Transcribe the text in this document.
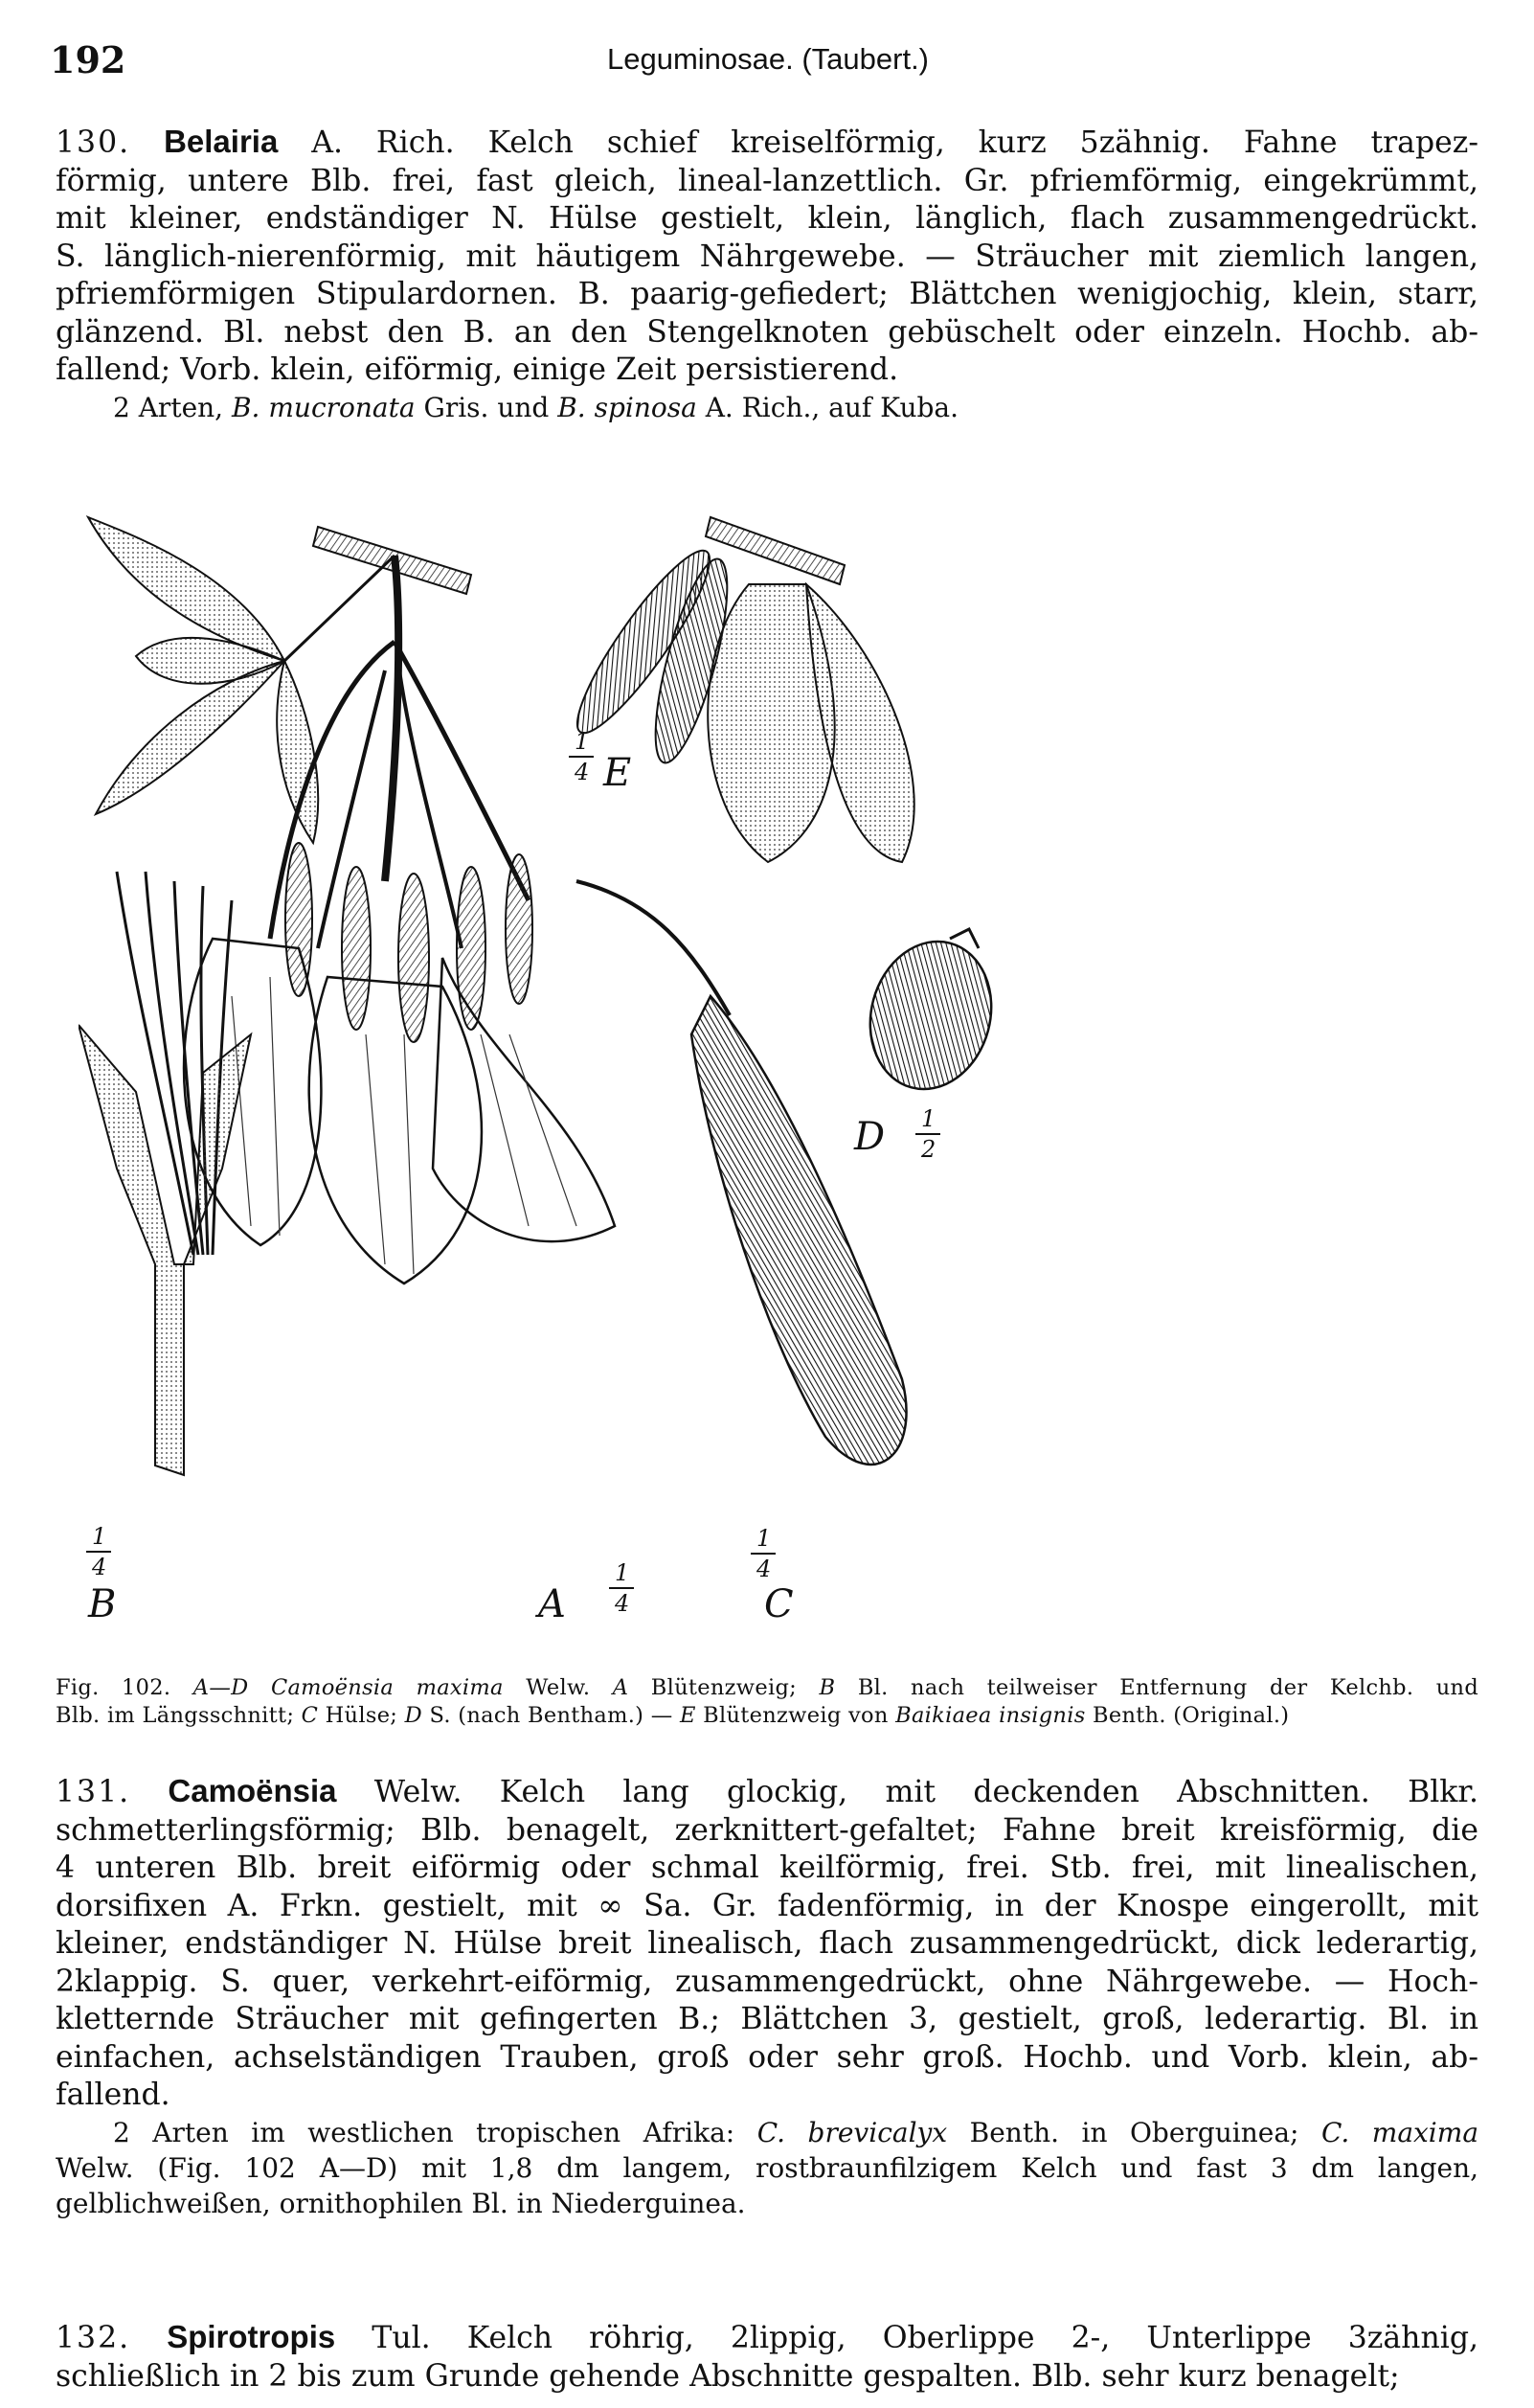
192	Leguminosae. (Taubert.)
130. Belairia A. Rich. Kelch schief kreiselförmig, kurz 5zähnig. Fahne trapez-
förmig, untere Blb. frei, fast gleich, lineal-lanzettlich. Gr. pfriemförmig, eingekrümmt,
mit kleiner, endständiger N. Hülse gestielt, klein, länglich, flach zusammengedrückt.
S. länglich-nierenförmig, mit häutigem Nährgewebe. — Sträucher mit ziemlich langen,
pfriemförmigen Stipulardornen. B. paarig-gefiedert; Blättchen wenigjochig, klein, starr,
glänzend. Bl. nebst den B. an den Stengelknoten gebüschelt oder einzeln. Hochb. ab-
fallend; Vorb. klein, eiförmig, einige Zeit persistierend.
2 Arten, B. mucronata Gris. und B. spinosa A. Rich., auf Kuba.
B	A	C
D
E
1
4	1
4
1
4
1
2
1
4
Fig. 102. A—D Camoënsia maxima Welw. A Blütenzweig; B Bl. nach teilweiser Entfernung der Kelchb. und
Blb. im Längsschnitt; C Hülse; D S. (nach Bentham.) — E Blütenzweig von Baikiaea insignis Benth. (Original.)
131. Camoënsia Welw. Kelch lang glockig, mit deckenden Abschnitten. Blkr.
schmetterlingsförmig; Blb. benagelt, zerknittert-gefaltet; Fahne breit kreisförmig, die
4 unteren Blb. breit eiförmig oder schmal keilförmig, frei. Stb. frei, mit linealischen,
dorsifixen A. Frkn. gestielt, mit ∞ Sa. Gr. fadenförmig, in der Knospe eingerollt, mit
kleiner, endständiger N. Hülse breit linealisch, flach zusammengedrückt, dick lederartig,
2klappig. S. quer, verkehrt-eiförmig, zusammengedrückt, ohne Nährgewebe. — Hoch-
kletternde Sträucher mit gefingerten B.; Blättchen 3, gestielt, groß, lederartig. Bl. in
einfachen, achselständigen Trauben, groß oder sehr groß. Hochb. und Vorb. klein, ab-
fallend.
2 Arten im westlichen tropischen Afrika: C. brevicalyx Benth. in Oberguinea; C. maxima
Welw. (Fig. 102 A—D) mit 1,8 dm langem, rostbraunfilzigem Kelch und fast 3 dm langen,
gelblichweißen, ornithophilen Bl. in Niederguinea.
132. Spirotropis Tul. Kelch röhrig, 2lippig, Oberlippe 2-, Unterlippe 3zähnig,
schließlich in 2 bis zum Grunde gehende Abschnitte gespalten. Blb. sehr kurz benagelt;
